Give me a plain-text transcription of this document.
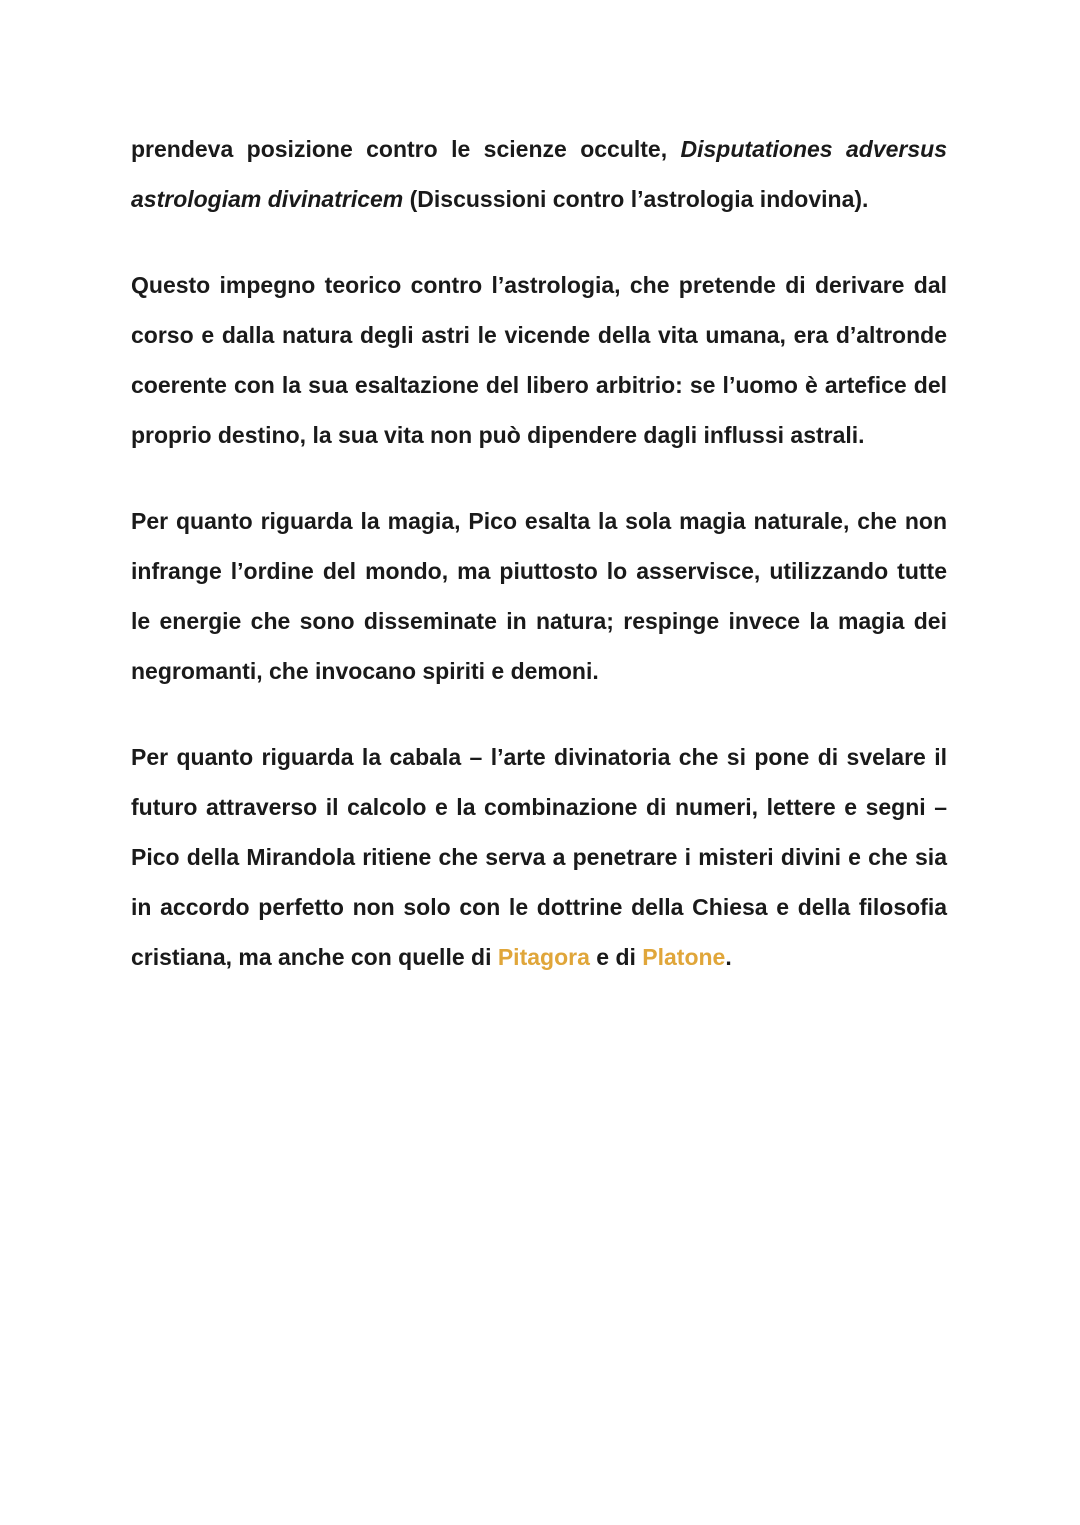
prendeva posizione contro le scienze occulte, Disputationes adversus astrologiam divinatricem (Discussioni contro l’astrologia indovina).

Questo impegno teorico contro l’astrologia, che pretende di derivare dal corso e dalla natura degli astri le vicende della vita umana, era d’altronde coerente con la sua esaltazione del libero arbitrio: se l’uomo è artefice del proprio destino, la sua vita non può dipendere dagli influssi astrali.

Per quanto riguarda la magia, Pico esalta la sola magia naturale, che non infrange l’ordine del mondo, ma piuttosto lo asservisce, utilizzando tutte le energie che sono disseminate in natura; respinge invece la magia dei negromanti, che invocano spiriti e demoni.

Per quanto riguarda la cabala – l’arte divinatoria che si pone di svelare il futuro attraverso il calcolo e la combinazione di numeri, lettere e segni – Pico della Mirandola ritiene che serva a penetrare i misteri divini e che sia in accordo perfetto non solo con le dottrine della Chiesa e della filosofia cristiana, ma anche con quelle di Pitagora e di Platone.
